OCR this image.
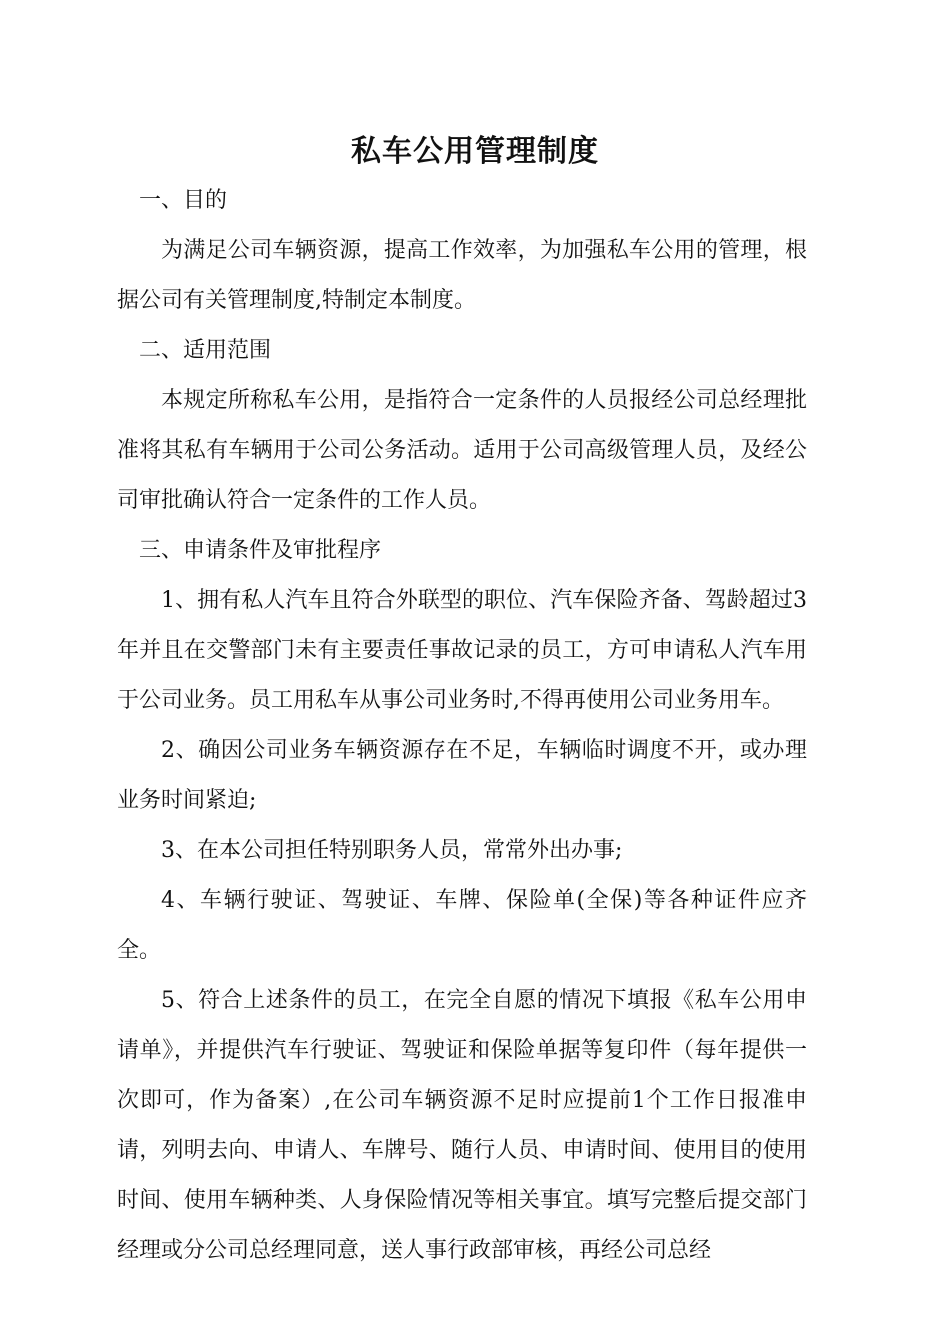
私车公用管理制度

一、目的

为满足公司车辆资源，提高工作效率，为加强私车公用的管理，根据公司有关管理制度,特制定本制度。

二、适用范围

本规定所称私车公用，是指符合一定条件的人员报经公司总经理批准将其私有车辆用于公司公务活动。适用于公司高级管理人员，及经公司审批确认符合一定条件的工作人员。

三、申请条件及审批程序

1、拥有私人汽车且符合外联型的职位、汽车保险齐备、驾龄超过3年并且在交警部门未有主要责任事故记录的员工，方可申请私人汽车用于公司业务。员工用私车从事公司业务时,不得再使用公司业务用车。

2、确因公司业务车辆资源存在不足，车辆临时调度不开，或办理业务时间紧迫;

3、在本公司担任特别职务人员，常常外出办事;

4、车辆行驶证、驾驶证、车牌、保险单(全保)等各种证件应齐全。

5、符合上述条件的员工，在完全自愿的情况下填报《私车公用申请单》，并提供汽车行驶证、驾驶证和保险单据等复印件（每年提供一次即可，作为备案）,在公司车辆资源不足时应提前1个工作日报准申请，列明去向、申请人、车牌号、随行人员、申请时间、使用目的使用时间、使用车辆种类、人身保险情况等相关事宜。填写完整后提交部门经理或分公司总经理同意，送人事行政部审核，再经公司总经
